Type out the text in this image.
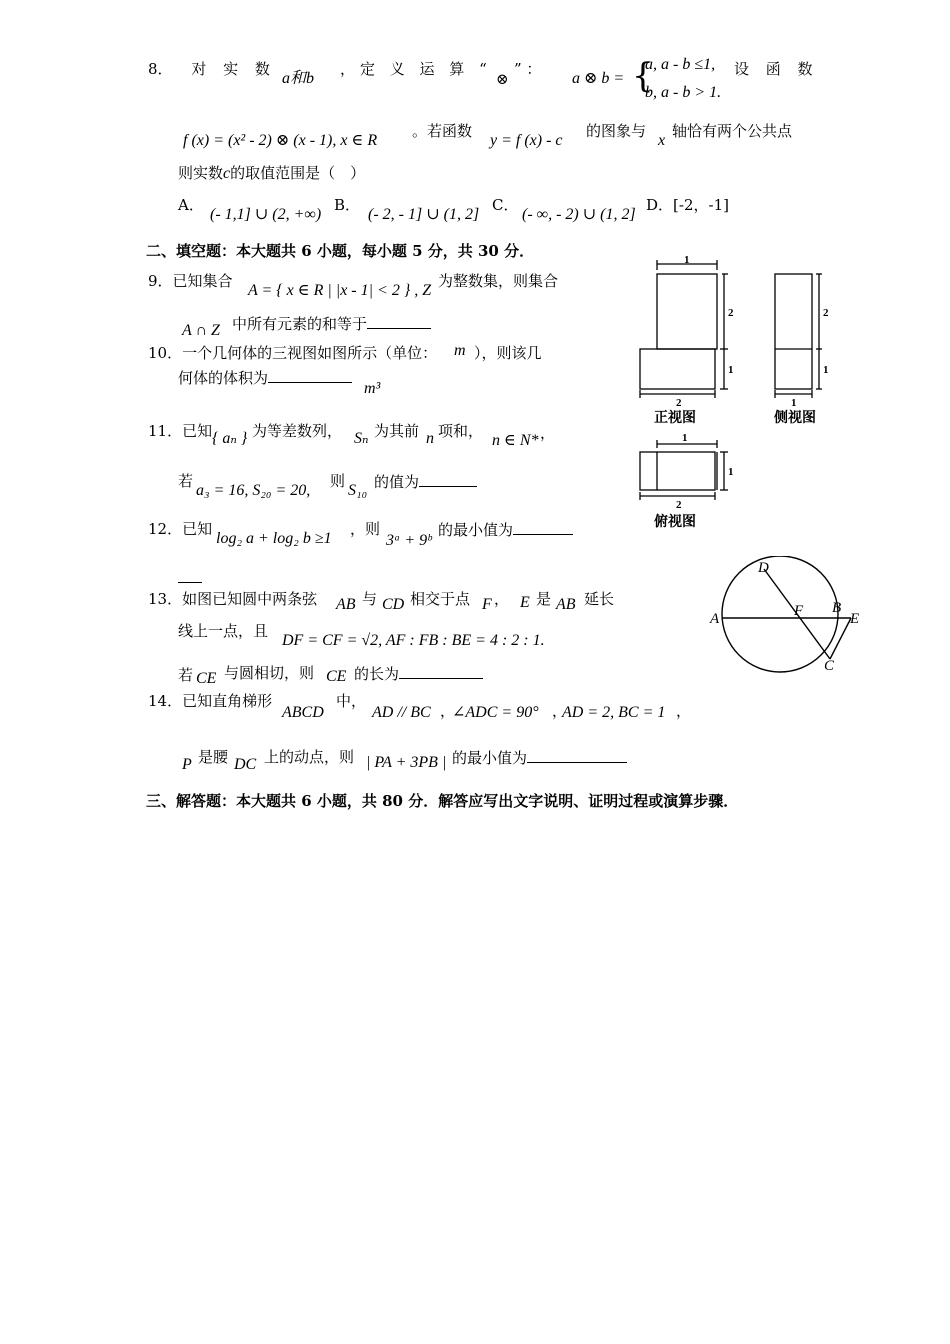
8． 对 实 数
a和b
，定 义 运 算 “
⊗
” ：
a ⊗ b = {
a, a - b ≤1,
b, a - b > 1.
设 函 数
f (x) = (x² - 2) ⊗ (x - 1), x ∈ R
。若函数
y = f (x) - c
的图象与
x
轴恰有两个公共点
则实数c的取值范围是（　）
A．
(- 1,1] ∪ (2, +∞)
B．
(- 2, - 1] ∪ (1, 2]
C．
(- ∞, - 2) ∪ (1, 2]
D．[-2，-1]
二、填空题：本大题共 6 小题，每小题 5 分，共 30 分．
9．已知集合
A = { x ∈ R | |x - 1| < 2 } , Z
为整数集，则集合
A ∩ Z 中所有元素的和等于
10．一个几何体的三视图如图所示（单位： m ），则该几
何体的体积为
m³
11．已知 { aₙ } 为等差数列， Sₙ 为其前 n 项和，
n ∈ N* ，
若
a₃ = 16, S₂₀ = 20,
则
S₁₀ 的值为
12．已知
log₂ a + log₂ b ≥1
，则
3ᵃ + 9ᵇ
的最小值为
13．如图已知圆中两条弦 AB 与 CD 相交于点 F ， E 是 AB 延长
线上一点，且
DF = CF = √2, AF : FB : BE = 4 : 2 : 1.
若 CE 与圆相切，则 CE 的长为
14．已知直角梯形
ABCD
中，
AD // BC ，
∠ADC = 90° ，
AD = 2, BC = 1 ，
P 是腰 DC 上的动点，则 | PA + 3PB | 的最小值为
三、解答题：本大题共 6 小题，共 80 分．解答应写出文字说明、证明过程或演算步骤．
1
2
1
2
正视图
2
1
1
侧视图
1
1
2
俯视图
A
D
F B
E
C
